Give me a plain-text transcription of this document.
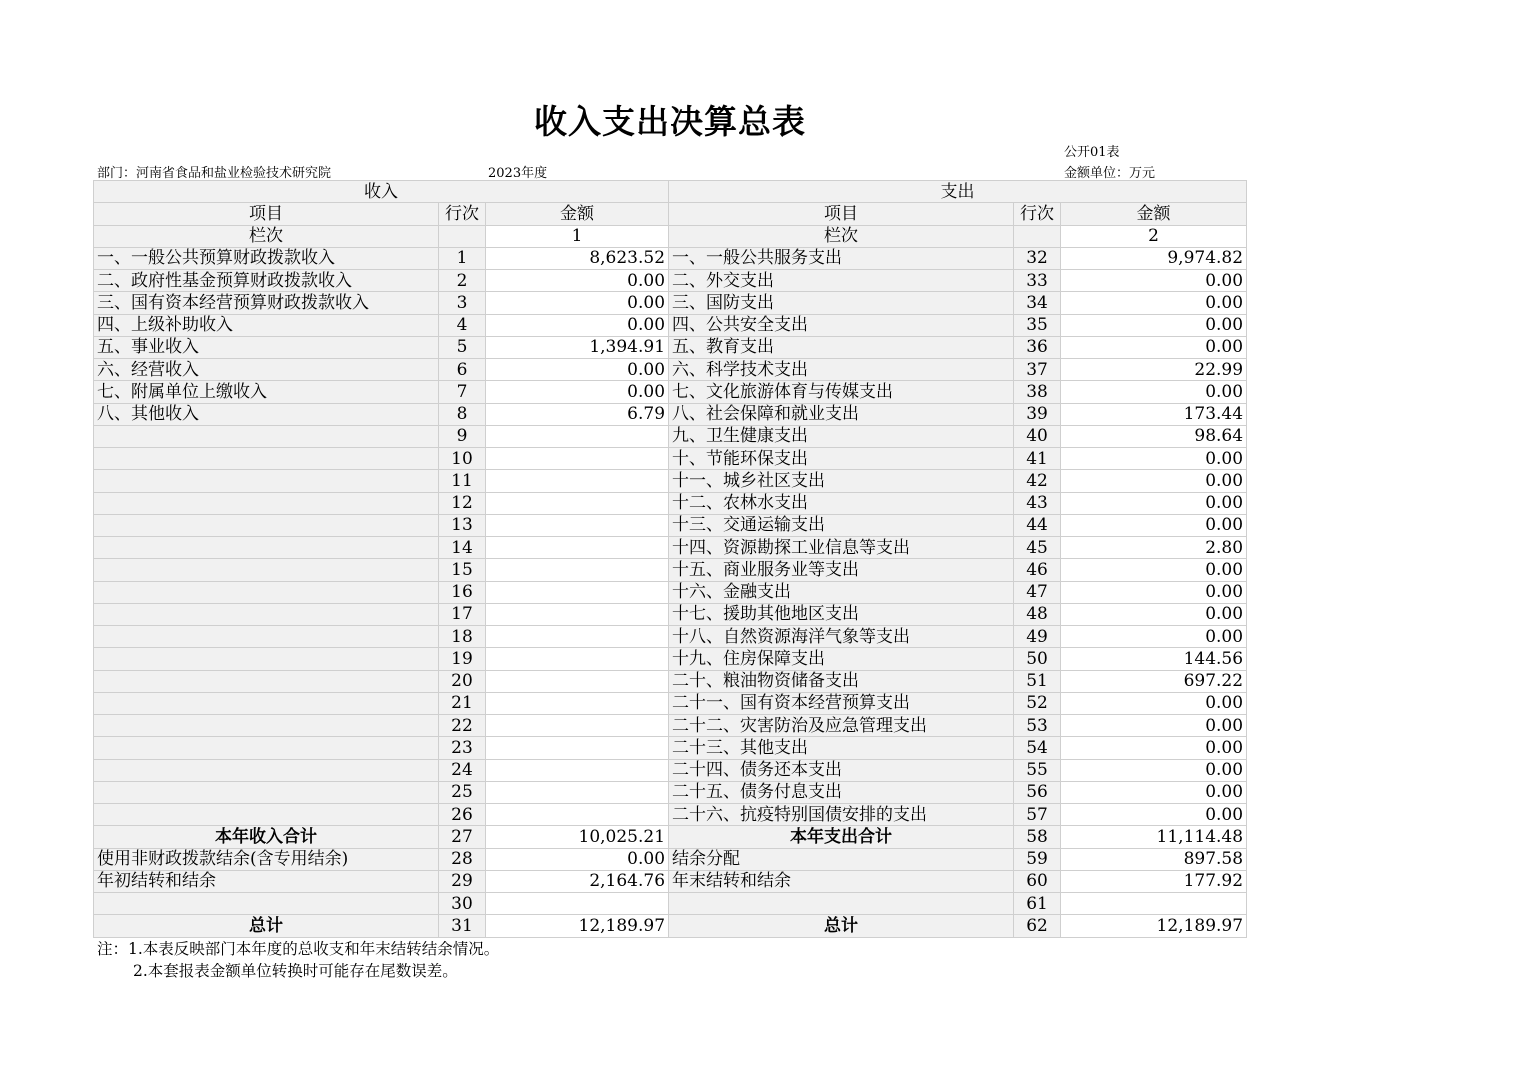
收入支出决算总表
公开01表
部门：河南省食品和盐业检验技术研究院	2023年度	金额单位：万元
收入			支出		
项目	行次	金额	项目	行次	金额
栏次		1	栏次		2
一、一般公共预算财政拨款收入	1	8,623.52	一、一般公共服务支出	32	9,974.82
二、政府性基金预算财政拨款收入	2	0.00	二、外交支出	33	0.00
三、国有资本经营预算财政拨款收入	3	0.00	三、国防支出	34	0.00
四、上级补助收入	4	0.00	四、公共安全支出	35	0.00
五、事业收入	5	1,394.91	五、教育支出	36	0.00
六、经营收入	6	0.00	六、科学技术支出	37	22.99
七、附属单位上缴收入	7	0.00	七、文化旅游体育与传媒支出	38	0.00
八、其他收入	8	6.79	八、社会保障和就业支出	39	173.44
	9		九、卫生健康支出	40	98.64
	10		十、节能环保支出	41	0.00
	11		十一、城乡社区支出	42	0.00
	12		十二、农林水支出	43	0.00
	13		十三、交通运输支出	44	0.00
	14		十四、资源勘探工业信息等支出	45	2.80
	15		十五、商业服务业等支出	46	0.00
	16		十六、金融支出	47	0.00
	17		十七、援助其他地区支出	48	0.00
	18		十八、自然资源海洋气象等支出	49	0.00
	19		十九、住房保障支出	50	144.56
	20		二十、粮油物资储备支出	51	697.22
	21		二十一、国有资本经营预算支出	52	0.00
	22		二十二、灾害防治及应急管理支出	53	0.00
	23		二十三、其他支出	54	0.00
	24		二十四、债务还本支出	55	0.00
	25		二十五、债务付息支出	56	0.00
	26		二十六、抗疫特别国债安排的支出	57	0.00
本年收入合计	27	10,025.21	本年支出合计	58	11,114.48
使用非财政拨款结余(含专用结余)	28	0.00	结余分配	59	897.58
年初结转和结余	29	2,164.76	年末结转和结余	60	177.92
	30			61	
总计	31	12,189.97	总计	62	12,189.97
注：1.本表反映部门本年度的总收支和年末结转结余情况。
2.本套报表金额单位转换时可能存在尾数误差。
